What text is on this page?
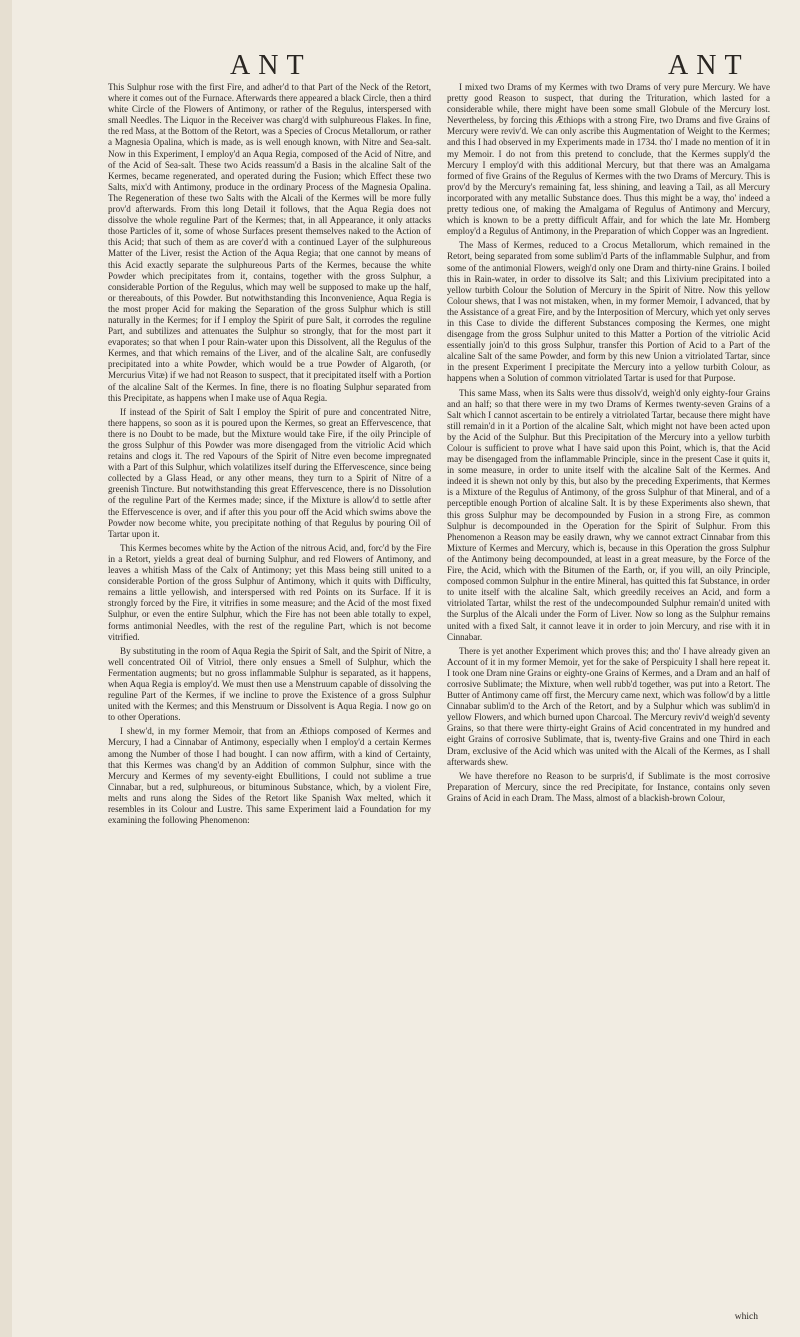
ANT	ANT

This Sulphur rose with the first Fire, and adher'd to that Part of the Neck of the Retort, where it comes out of the Furnace. Afterwards there appeared a black Circle, then a third white Circle of the Flowers of Antimony, or rather of the Regulus, interspersed with small Needles. The Liquor in the Receiver was charg'd with sulphureous Flakes. In fine, the red Mass, at the Bottom of the Retort, was a Species of Crocus Metallorum, or rather a Magnesia Opalina, which is made, as is well enough known, with Nitre and Sea-salt. Now in this Experiment, I employ'd an Aqua Regia, composed of the Acid of Nitre, and of the Acid of Sea-salt. These two Acids reassum'd a Basis in the alcaline Salt of the Kermes, became regenerated, and operated during the Fusion; which Effect these two Salts, mix'd with Antimony, produce in the ordinary Process of the Magnesia Opalina. The Regeneration of these two Salts with the Alcali of the Kermes will be more fully prov'd afterwards. From this long Detail it follows, that the Aqua Regia does not dissolve the whole reguline Part of the Kermes; that, in all Appearance, it only attacks those Particles of it, some of whose Surfaces present themselves naked to the Action of this Acid; that such of them as are cover'd with a continued Layer of the sulphureous Matter of the Liver, resist the Action of the Aqua Regia; that one cannot by means of this Acid exactly separate the sulphureous Parts of the Kermes, because the white Powder which precipitates from it, contains, together with the gross Sulphur, a considerable Portion of the Regulus, which may well be supposed to make up the half, or thereabouts, of this Powder. But notwithstanding this Inconvenience, Aqua Regia is the most proper Acid for making the Separation of the gross Sulphur which is still naturally in the Kermes; for if I employ the Spirit of pure Salt, it corrodes the reguline Part, and subtilizes and attenuates the Sulphur so strongly, that for the most part it evaporates; so that when I pour Rain-water upon this Dissolvent, all the Regulus of the Kermes, and that which remains of the Liver, and of the alcaline Salt, are confusedly precipitated into a white Powder, which would be a true Powder of Algaroth, (or Mercurius Vitæ) if we had not Reason to suspect, that it precipitated itself with a Portion of the alcaline Salt of the Kermes. In fine, there is no floating Sulphur separated from this Precipitate, as happens when I make use of Aqua Regia.

If instead of the Spirit of Salt I employ the Spirit of pure and concentrated Nitre, there happens, so soon as it is poured upon the Kermes, so great an Effervescence, that there is no Doubt to be made, but the Mixture would take Fire, if the oily Principle of the gross Sulphur of this Powder was more disengaged from the vitriolic Acid which retains and clogs it. The red Vapours of the Spirit of Nitre even become impregnated with a Part of this Sulphur, which volatilizes itself during the Effervescence, since being collected by a Glass Head, or any other means, they turn to a Spirit of Nitre of a greenish Tincture. But notwithstanding this great Effervescence, there is no Dissolution of the reguline Part of the Kermes made; since, if the Mixture is allow'd to settle after the Effervescence is over, and if after this you pour off the Acid which swims above the Powder now become white, you precipitate nothing of that Regulus by pouring Oil of Tartar upon it.

This Kermes becomes white by the Action of the nitrous Acid, and, forc'd by the Fire in a Retort, yields a great deal of burning Sulphur, and red Flowers of Antimony, and leaves a whitish Mass of the Calx of Antimony; yet this Mass being still united to a considerable Portion of the gross Sulphur of Antimony, which it quits with Difficulty, remains a little yellowish, and interspersed with red Points on its Surface. If it is strongly forced by the Fire, it vitrifies in some measure; and the Acid of the most fixed Sulphur, or even the entire Sulphur, which the Fire has not been able totally to expel, forms antimonial Needles, with the rest of the reguline Part, which is not become vitrified.

By substituting in the room of Aqua Regia the Spirit of Salt, and the Spirit of Nitre, a well concentrated Oil of Vitriol, there only ensues a Smell of Sulphur, which the Fermentation augments; but no gross inflammable Sulphur is separated, as it happens, when Aqua Regia is employ'd. We must then use a Menstruum capable of dissolving the reguline Part of the Kermes, if we incline to prove the Existence of a gross Sulphur united with the Kermes; and this Menstruum or Dissolvent is Aqua Regia. I now go on to other Operations.

I shew'd, in my former Memoir, that from an Æthiops composed of Kermes and Mercury, I had a Cinnabar of Antimony, especially when I employ'd a certain Kermes among the Number of those I had bought. I can now affirm, with a kind of Certainty, that this Kermes was chang'd by an Addition of common Sulphur, since with the Mercury and Kermes of my seventy-eight Ebullitions, I could not sublime a true Cinnabar, but a red, sulphureous, or bituminous Substance, which, by a violent Fire, melts and runs along the Sides of the Retort like Spanish Wax melted, which it resembles in its Colour and Lustre. This same Experiment laid a Foundation for my examining the following Phenomenon:

I mixed two Drams of my Kermes with two Drams of very pure Mercury. We have pretty good Reason to suspect, that during the Trituration, which lasted for a considerable while, there might have been some small Globule of the Mercury lost. Nevertheless, by forcing this Æthiops with a strong Fire, two Drams and five Grains of Mercury were reviv'd. We can only ascribe this Augmentation of Weight to the Kermes; and this I had observed in my Experiments made in 1734. tho' I made no mention of it in my Memoir. I do not from this pretend to conclude, that the Kermes supply'd the Mercury I employ'd with this additional Mercury, but that there was an Amalgama formed of five Grains of the Regulus of Kermes with the two Drams of Mercury. This is prov'd by the Mercury's remaining fat, less shining, and leaving a Tail, as all Mercury incorporated with any metallic Substance does. Thus this might be a way, tho' indeed a pretty tedious one, of making the Amalgama of Regulus of Antimony and Mercury, which is known to be a pretty difficult Affair, and for which the late Mr. Homberg employ'd a Regulus of Antimony, in the Preparation of which Copper was an Ingredient.

The Mass of Kermes, reduced to a Crocus Metallorum, which remained in the Retort, being separated from some sublim'd Parts of the inflammable Sulphur, and from some of the antimonial Flowers, weigh'd only one Dram and thirty-nine Grains. I boiled this in Rain-water, in order to dissolve its Salt; and this Lixivium precipitated into a yellow turbith Colour the Solution of Mercury in the Spirit of Nitre. Now this yellow Colour shews, that I was not mistaken, when, in my former Memoir, I advanced, that by the Assistance of a great Fire, and by the Interposition of Mercury, which yet only serves in this Case to divide the different Substances composing the Kermes, one might disengage from the gross Sulphur united to this Matter a Portion of the vitriolic Acid essentially join'd to this gross Sulphur, transfer this Portion of Acid to a Part of the alcaline Salt of the same Powder, and form by this new Union a vitriolated Tartar, since in the present Experiment I precipitate the Mercury into a yellow turbith Colour, as happens when a Solution of common vitriolated Tartar is used for that Purpose.

This same Mass, when its Salts were thus dissolv'd, weigh'd only eighty-four Grains and an half; so that there were in my two Drams of Kermes twenty-seven Grains of a Salt which I cannot ascertain to be entirely a vitriolated Tartar, because there might have still remain'd in it a Portion of the alcaline Salt, which might not have been acted upon by the Acid of the Sulphur. But this Precipitation of the Mercury into a yellow turbith Colour is sufficient to prove what I have said upon this Point, which is, that the Acid may be disengaged from the inflammable Principle, since in the present Case it quits it, in some measure, in order to unite itself with the alcaline Salt of the Kermes. And indeed it is shewn not only by this, but also by the preceding Experiments, that Kermes is a Mixture of the Regulus of Antimony, of the gross Sulphur of that Mineral, and of a perceptible enough Portion of alcaline Salt. It is by these Experiments also shewn, that this gross Sulphur may be decompounded by Fusion in a strong Fire, as common Sulphur is decompounded in the Operation for the Spirit of Sulphur. From this Phenomenon a Reason may be easily drawn, why we cannot extract Cinnabar from this Mixture of Kermes and Mercury, which is, because in this Operation the gross Sulphur of the Antimony being decompounded, at least in a great measure, by the Force of the Fire, the Acid, which with the Bitumen of the Earth, or, if you will, an oily Principle, composed common Sulphur in the entire Mineral, has quitted this fat Substance, in order to unite itself with the alcaline Salt, which greedily receives an Acid, and form a vitriolated Tartar, whilst the rest of the undecompounded Sulphur remain'd united with the Surplus of the Alcali under the Form of Liver. Now so long as the Sulphur remains united with a fixed Salt, it cannot leave it in order to join Mercury, and rise with it in Cinnabar.

There is yet another Experiment which proves this; and tho' I have already given an Account of it in my former Memoir, yet for the sake of Perspicuity I shall here repeat it. I took one Dram nine Grains or eighty-one Grains of Kermes, and a Dram and an half of corrosive Sublimate; the Mixture, when well rubb'd together, was put into a Retort. The Butter of Antimony came off first, the Mercury came next, which was follow'd by a little Cinnabar sublim'd to the Arch of the Retort, and by a Sulphur which was sublim'd in yellow Flowers, and which burned upon Charcoal. The Mercury reviv'd weigh'd seventy Grains, so that there were thirty-eight Grains of Acid concentrated in my hundred and eight Grains of corrosive Sublimate, that is, twenty-five Grains and one Third in each Dram, exclusive of the Acid which was united with the Alcali of the Kermes, as I shall afterwards shew.

We have therefore no Reason to be surpris'd, if Sublimate is the most corrosive Preparation of Mercury, since the red Precipitate, for Instance, contains only seven Grains of Acid in each Dram. The Mass, almost of a blackish-brown Colour,

which
